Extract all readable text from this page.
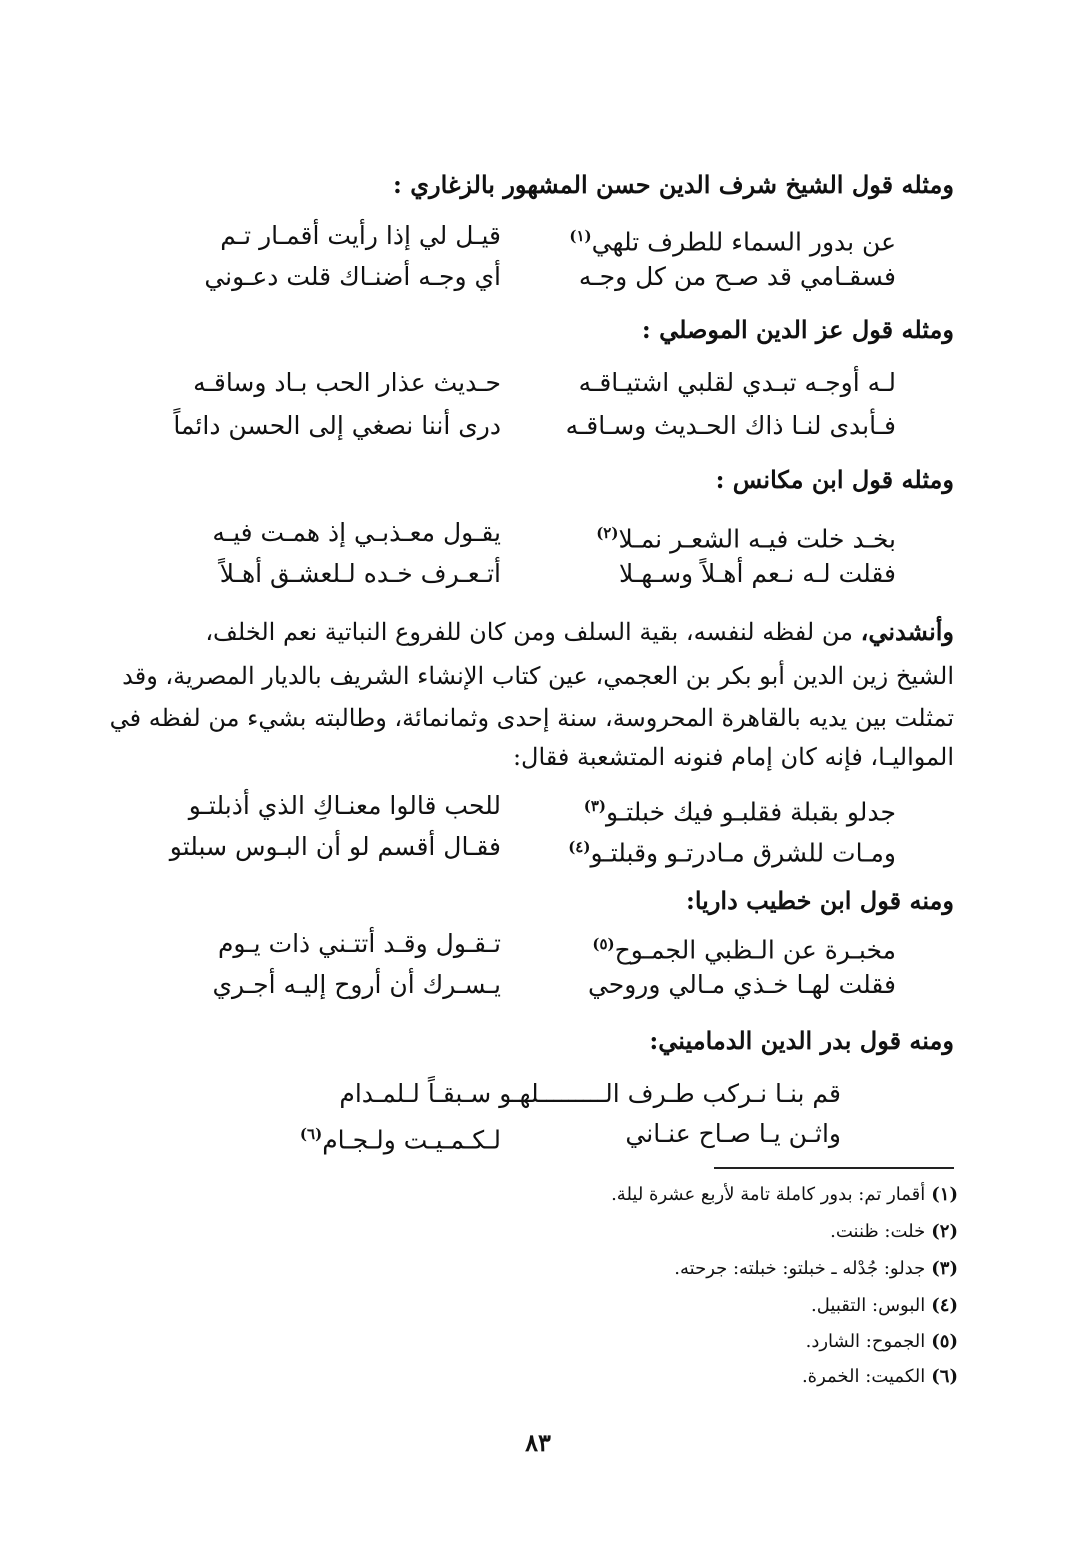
ومثله قول الشيخ شرف الدين حسن المشهور بالزغاري :
قيـل لي إذا رأيت أقمـار تـم	عن بدور السماء للطرف تلهي$^{(١)}$
أي وجـه أضنـاك قلت دعـوني	فسقـامي قد صـح من كل وجـه
ومثله قول عز الدين الموصلي :
حـديث عذار الحب بـاد وساقـه	لـه أوجـه تبـدي لقلبي اشتيـاقـه
درى أننا نصغي إلى الحسن دائماً	فـأبدى لنـا ذاك الحـديث وسـاقـه
ومثله قول ابن مكانس :
يقـول معـذبـي إذ همـت فيـه	بخـد خلت فيـه الشعـر نمـلا$^{(٢)}$
أتـعـرف خـده لـلعشـق أهـلاً	فقلت لـه نـعم أهـلاً وسـهـلا
وأنشدني، من لفظه لنفسه، بقية السلف ومن كان للفروع النباتية نعم الخلف،
الشيخ زين الدين أبو بكر بن العجمي، عين كتاب الإنشاء الشريف بالديار المصرية، وقد
تمثلت بين يديه بالقاهرة المحروسة، سنة إحدى وثمانمائة، وطالبته بشيء من لفظه في
المواليـا، فإنه كان إمام فنونه المتشعبة فقال:
للحب قالوا معنـاكِ الذي أذبلتـو	جدلو بقبلة فقلبـو فيك خبلتـو$^{(٣)}$
فقـال أقسم لو أن البـوس سبلتو	ومـات للشرق مـادرتـو وقبلتـو$^{(٤)}$
ومنه قول ابن خطيب داريا:
تـقـول وقـد أتتـني ذات يـوم	مخبـرة عن الـظبي الجمـوح$^{(٥)}$
يـسـرك أن أروح إليـه أجـري	فقلت لهـا خـذي مـالي وروحي
ومنه قول بدر الدين الدماميني:
قم بنـا نـركب طـرف الـــــــــلهـو سـبقـاً لـلمـدام
واثـن يـا صـاح عنـاني
لـكـمـيـت ولـجـام$^{(٦)}$
(١)أقمار تم: بدور كاملة تامة لأربع عشرة ليلة.
(٢)خلت: ظننت.
(٣)جدلو: جُدْله ـ خبلتو: خبلته: جرحته.
(٤)البوس: التقبيل.
(٥)الجموح: الشارد.
(٦)الكميت: الخمرة.
٨٣
